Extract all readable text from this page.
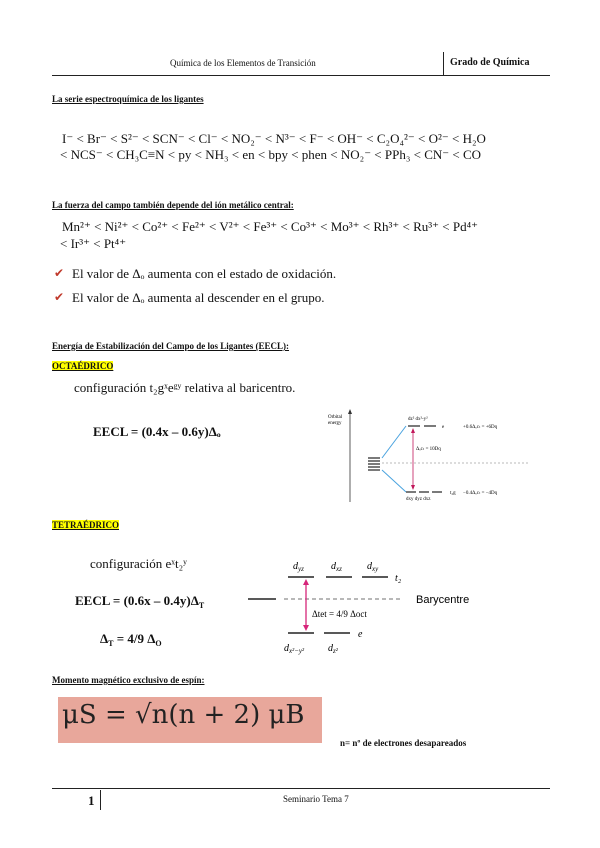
Química de los Elementos de Transición	Grado de Química
La serie espectroquímica de los ligantes
I⁻ < Br⁻ < S²⁻ < SCN⁻ < Cl⁻ < NO₂⁻ < N³⁻ < F⁻ < OH⁻ < C₂O₄²⁻ < O²⁻ < H₂O
< NCS⁻ < CH₃C≡N < py < NH₃ < en < bpy < phen < NO₂⁻ < PPh₃ < CN⁻ < CO
La fuerza del campo también depende del ión metálico central:
Mn²⁺ < Ni²⁺ < Co²⁺ < Fe²⁺ < V²⁺ < Fe³⁺ < Co³⁺ < Mo³⁺ < Rh³⁺ < Ru³⁺ < Pd⁴⁺
< Ir³⁺ < Pt⁴⁺
✔ El valor de Δₒ aumenta con el estado de oxidación.
✔ El valor de Δₒ aumenta al descender en el grupo.
Energía de Estabilización del Campo de los Ligantes (EECL):
OCTAÉDRICO
configuración t₂gˣeᵍʸ relativa al baricentro.
EECL = (0.4x – 0.6y)Δₒ
Orbital
energy
dz² dx²-y²
e	+0.6Δₒcₜ = +6Dq
dxy dyz dxz
t₂g −0.4Δₒcₜ = −4Dq
Δₒcₜ = 10Dq
TETRAÉDRICO
configuración eˣt₂ʸ
EECL = $(0.6x - 0.4y)\Delta_T$
$\Delta_T = 4/9$ $\Delta_O$
Barycentre
$d_{yz}$	$d_{xz}$	$d_{xy}$
t₂
e
$d_{x^2-y^2}$ $d_{z^2}$
Δtet = 4/9 Δoct
Momento magnético exclusivo de espín:
μS = √n(n + 2) μB
n= nº de electrones desapareados
1	Seminario Tema 7
